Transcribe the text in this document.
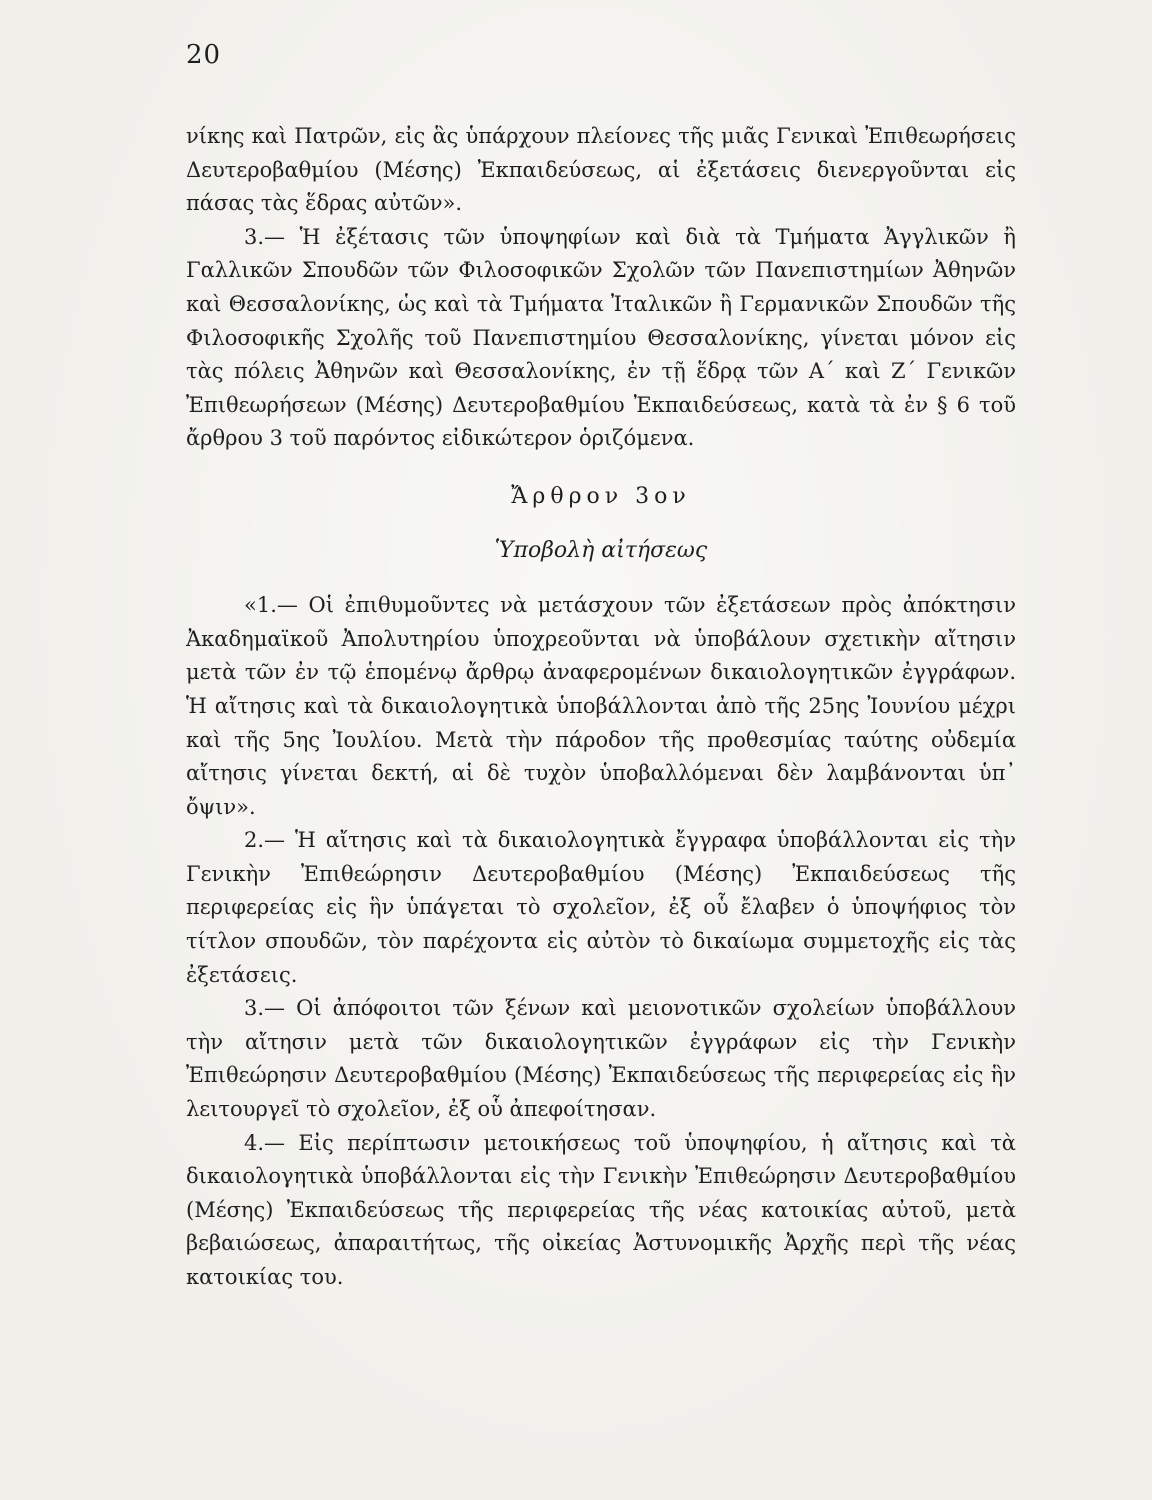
20

νίκης καὶ Πατρῶν, εἰς ἃς ὑπάρχουν πλείονες τῆς μιᾶς Γενικαὶ Ἐπιθεωρήσεις Δευτεροβαθμίου (Μέσης) Ἐκπαιδεύσεως, αἱ ἐξετάσεις διενεργοῦνται εἰς πάσας τὰς ἕδρας αὐτῶν».

3.— Ἡ ἐξέτασις τῶν ὑποψηφίων καὶ διὰ τὰ Τμήματα Ἀγγλικῶν ἢ Γαλλικῶν Σπουδῶν τῶν Φιλοσοφικῶν Σχολῶν τῶν Πανεπιστημίων Ἀθηνῶν καὶ Θεσσαλονίκης, ὡς καὶ τὰ Τμήματα Ἰταλικῶν ἢ Γερμανικῶν Σπουδῶν τῆς Φιλοσοφικῆς Σχολῆς τοῦ Πανεπιστημίου Θεσσαλονίκης, γίνεται μόνον εἰς τὰς πόλεις Ἀθηνῶν καὶ Θεσσαλονίκης, ἐν τῇ ἕδρᾳ τῶν Α΄ καὶ Ζ΄ Γενικῶν Ἐπιθεωρήσεων (Μέσης) Δευτεροβαθμίου Ἐκπαιδεύσεως, κατὰ τὰ ἐν § 6 τοῦ ἄρθρου 3 τοῦ παρόντος εἰδικώτερον ὁριζόμενα.

Ἄρθρον 3ον
Ὑποβολὴ αἰτήσεως

«1.— Οἱ ἐπιθυμοῦντες νὰ μετάσχουν τῶν ἐξετάσεων πρὸς ἀπόκτησιν Ἀκαδημαϊκοῦ Ἀπολυτηρίου ὑποχρεοῦνται νὰ ὑποβάλουν σχετικὴν αἴτησιν μετὰ τῶν ἐν τῷ ἑπομένῳ ἄρθρῳ ἀναφερομένων δικαιολογητικῶν ἐγγράφων. Ἡ αἴτησις καὶ τὰ δικαιολογητικὰ ὑποβάλλονται ἀπὸ τῆς 25ης Ἰουνίου μέχρι καὶ τῆς 5ης Ἰουλίου. Μετὰ τὴν πάροδον τῆς προθεσμίας ταύτης οὐδεμία αἴτησις γίνεται δεκτή, αἱ δὲ τυχὸν ὑποβαλλόμεναι δὲν λαμβάνονται ὑπ᾽ ὄψιν».

2.— Ἡ αἴτησις καὶ τὰ δικαιολογητικὰ ἔγγραφα ὑποβάλλονται εἰς τὴν Γενικὴν Ἐπιθεώρησιν Δευτεροβαθμίου (Μέσης) Ἐκπαιδεύσεως τῆς περιφερείας εἰς ἣν ὑπάγεται τὸ σχολεῖον, ἐξ οὗ ἔλαβεν ὁ ὑποψήφιος τὸν τίτλον σπουδῶν, τὸν παρέχοντα εἰς αὐτὸν τὸ δικαίωμα συμμετοχῆς εἰς τὰς ἐξετάσεις.

3.— Οἱ ἀπόφοιτοι τῶν ξένων καὶ μειονοτικῶν σχολείων ὑποβάλλουν τὴν αἴτησιν μετὰ τῶν δικαιολογητικῶν ἐγγράφων εἰς τὴν Γενικὴν Ἐπιθεώρησιν Δευτεροβαθμίου (Μέσης) Ἐκπαιδεύσεως τῆς περιφερείας εἰς ἣν λειτουργεῖ τὸ σχολεῖον, ἐξ οὗ ἀπεφοίτησαν.

4.— Εἰς περίπτωσιν μετοικήσεως τοῦ ὑποψηφίου, ἡ αἴτησις καὶ τὰ δικαιολογητικὰ ὑποβάλλονται εἰς τὴν Γενικὴν Ἐπιθεώρησιν Δευτεροβαθμίου (Μέσης) Ἐκπαιδεύσεως τῆς περιφερείας τῆς νέας κατοικίας αὐτοῦ, μετὰ βεβαιώσεως, ἀπαραιτήτως, τῆς οἰκείας Ἀστυνομικῆς Ἀρχῆς περὶ τῆς νέας κατοικίας του.
